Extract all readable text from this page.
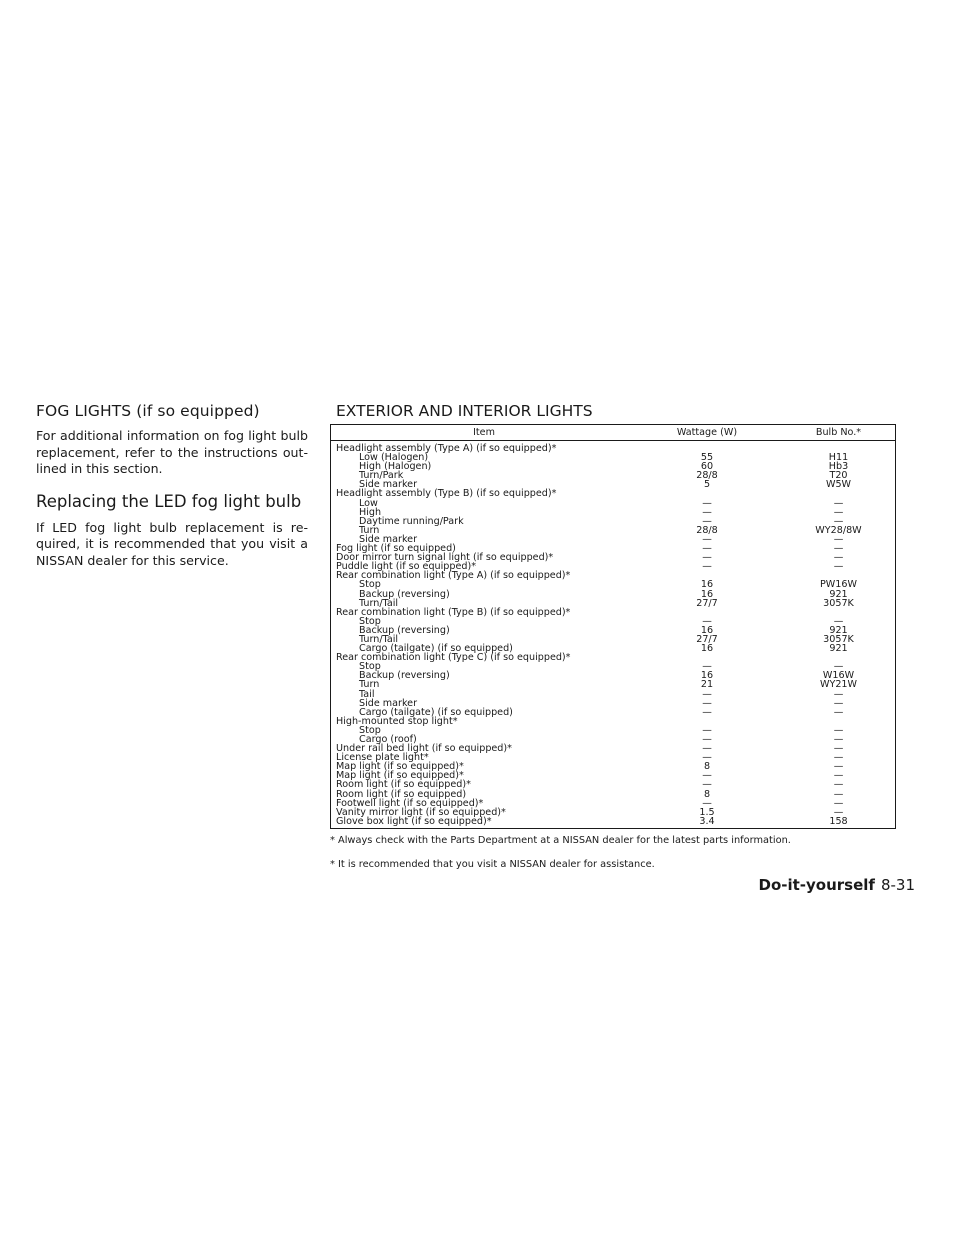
FOG LIGHTS (if so equipped)

For additional information on fog light bulb replacement, refer to the instructions out-lined in this section.

Replacing the LED fog light bulb

If LED fog light bulb replacement is re-quired, it is recommended that you visit a NISSAN dealer for this service.

EXTERIOR AND INTERIOR LIGHTS
Item	Wattage (W)	Bulb No.*
Headlight assembly (Type A) (if so equipped)*		
Low (Halogen)	55	H11
High (Halogen)	60	Hb3
Turn/Park	28/8	T20
Side marker	5	W5W
Headlight assembly (Type B) (if so equipped)*		
Low	—	—
High	—	—
Daytime running/Park	—	—
Turn	28/8	WY28/8W
Side marker	—	—
Fog light (if so equipped)	—	—
Door mirror turn signal light (if so equipped)*	—	—
Puddle light (if so equipped)*	—	—
Rear combination light (Type A) (if so equipped)*		
Stop	16	PW16W
Backup (reversing)	16	921
Turn/Tail	27/7	3057K
Rear combination light (Type B) (if so equipped)*		
Stop	—	—
Backup (reversing)	16	921
Turn/Tail	27/7	3057K
Cargo (tailgate) (if so equipped)	16	921
Rear combination light (Type C) (if so equipped)*		
Stop	—	—
Backup (reversing)	16	W16W
Turn	21	WY21W
Tail	—	—
Side marker	—	—
Cargo (tailgate) (if so equipped)	—	—
High-mounted stop light*		
Stop	—	—
Cargo (roof)	—	—
Under rail bed light (if so equipped)*	—	—
License plate light*	—	—
Map light (if so equipped)*	8	—
Map light (if so equipped)*	—	—
Room light (if so equipped)*	—	—
Room light (if so equipped)	8	—
Footwell light (if so equipped)*	—	—
Vanity mirror light (if so equipped)*	1.5	—
Glove box light (if so equipped)*	3.4	158

* Always check with the Parts Department at a NISSAN dealer for the latest parts information.

* It is recommended that you visit a NISSAN dealer for assistance.

Do-it-yourself 8-31
